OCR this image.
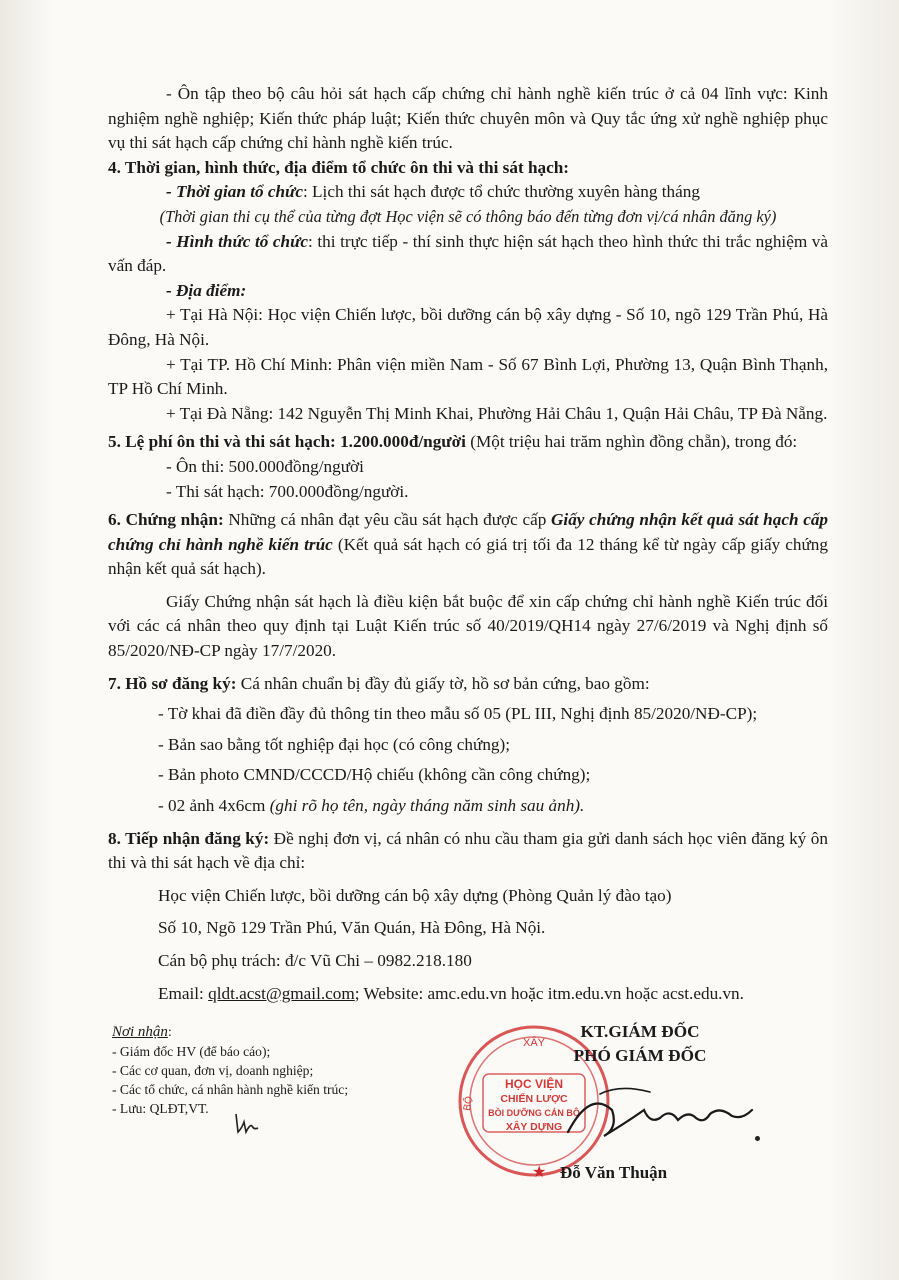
- Ôn tập theo bộ câu hỏi sát hạch cấp chứng chỉ hành nghề kiến trúc ở cả 04 lĩnh vực: Kinh nghiệm nghề nghiệp; Kiến thức pháp luật; Kiến thức chuyên môn và Quy tắc ứng xử nghề nghiệp phục vụ thi sát hạch cấp chứng chỉ hành nghề kiến trúc.

4. Thời gian, hình thức, địa điểm tổ chức ôn thi và thi sát hạch:

- Thời gian tổ chức: Lịch thi sát hạch được tổ chức thường xuyên hàng tháng

(Thời gian thi cụ thể của từng đợt Học viện sẽ có thông báo đến từng đơn vị/cá nhân đăng ký)

- Hình thức tổ chức: thi trực tiếp - thí sinh thực hiện sát hạch theo hình thức thi trắc nghiệm và vấn đáp.

- Địa điểm:

+ Tại Hà Nội: Học viện Chiến lược, bồi dưỡng cán bộ xây dựng - Số 10, ngõ 129 Trần Phú, Hà Đông, Hà Nội.

+ Tại TP. Hồ Chí Minh: Phân viện miền Nam - Số 67 Bình Lợi, Phường 13, Quận Bình Thạnh, TP Hồ Chí Minh.

+ Tại Đà Nẵng: 142 Nguyễn Thị Minh Khai, Phường Hải Châu 1, Quận Hải Châu, TP Đà Nẵng.

5. Lệ phí ôn thi và thi sát hạch: 1.200.000đ/người (Một triệu hai trăm nghìn đồng chẵn), trong đó:

- Ôn thi: 500.000đồng/người

- Thi sát hạch: 700.000đồng/người.

6. Chứng nhận: Những cá nhân đạt yêu cầu sát hạch được cấp Giấy chứng nhận kết quả sát hạch cấp chứng chỉ hành nghề kiến trúc (Kết quả sát hạch có giá trị tối đa 12 tháng kể từ ngày cấp giấy chứng nhận kết quả sát hạch).

Giấy Chứng nhận sát hạch là điều kiện bắt buộc để xin cấp chứng chỉ hành nghề Kiến trúc đối với các cá nhân theo quy định tại Luật Kiến trúc số 40/2019/QH14 ngày 27/6/2019 và Nghị định số 85/2020/NĐ-CP ngày 17/7/2020.

7. Hồ sơ đăng ký: Cá nhân chuẩn bị đầy đủ giấy tờ, hồ sơ bản cứng, bao gồm:

- Tờ khai đã điền đầy đủ thông tin theo mẫu số 05 (PL III, Nghị định 85/2020/NĐ-CP);

- Bản sao bằng tốt nghiệp đại học (có công chứng);

- Bản photo CMND/CCCD/Hộ chiếu (không cần công chứng);

- 02 ảnh 4x6cm (ghi rõ họ tên, ngày tháng năm sinh sau ảnh).

8. Tiếp nhận đăng ký: Đề nghị đơn vị, cá nhân có nhu cầu tham gia gửi danh sách học viên đăng ký ôn thi và thi sát hạch về địa chỉ:

Học viện Chiến lược, bồi dưỡng cán bộ xây dựng (Phòng Quản lý đào tạo)

Số 10, Ngõ 129 Trần Phú, Văn Quán, Hà Đông, Hà Nội.

Cán bộ phụ trách: đ/c Vũ Chi – 0982.218.180

Email: qldt.acst@gmail.com; Website: amc.edu.vn hoặc itm.edu.vn hoặc acst.edu.vn.

Nơi nhận:
- Giám đốc HV (để báo cáo);
- Các cơ quan, đơn vị, doanh nghiệp;
- Các tổ chức, cá nhân hành nghề kiến trúc;
- Lưu: QLĐT,VT.
XÂY
BỘ
HỌC VIỆN
CHIẾN LƯỢC
BỒI DƯỠNG CÁN BỘ
XÂY DỰNG
KT.GIÁM ĐỐC
PHÓ GIÁM ĐỐC
★ Đỗ Văn Thuận
